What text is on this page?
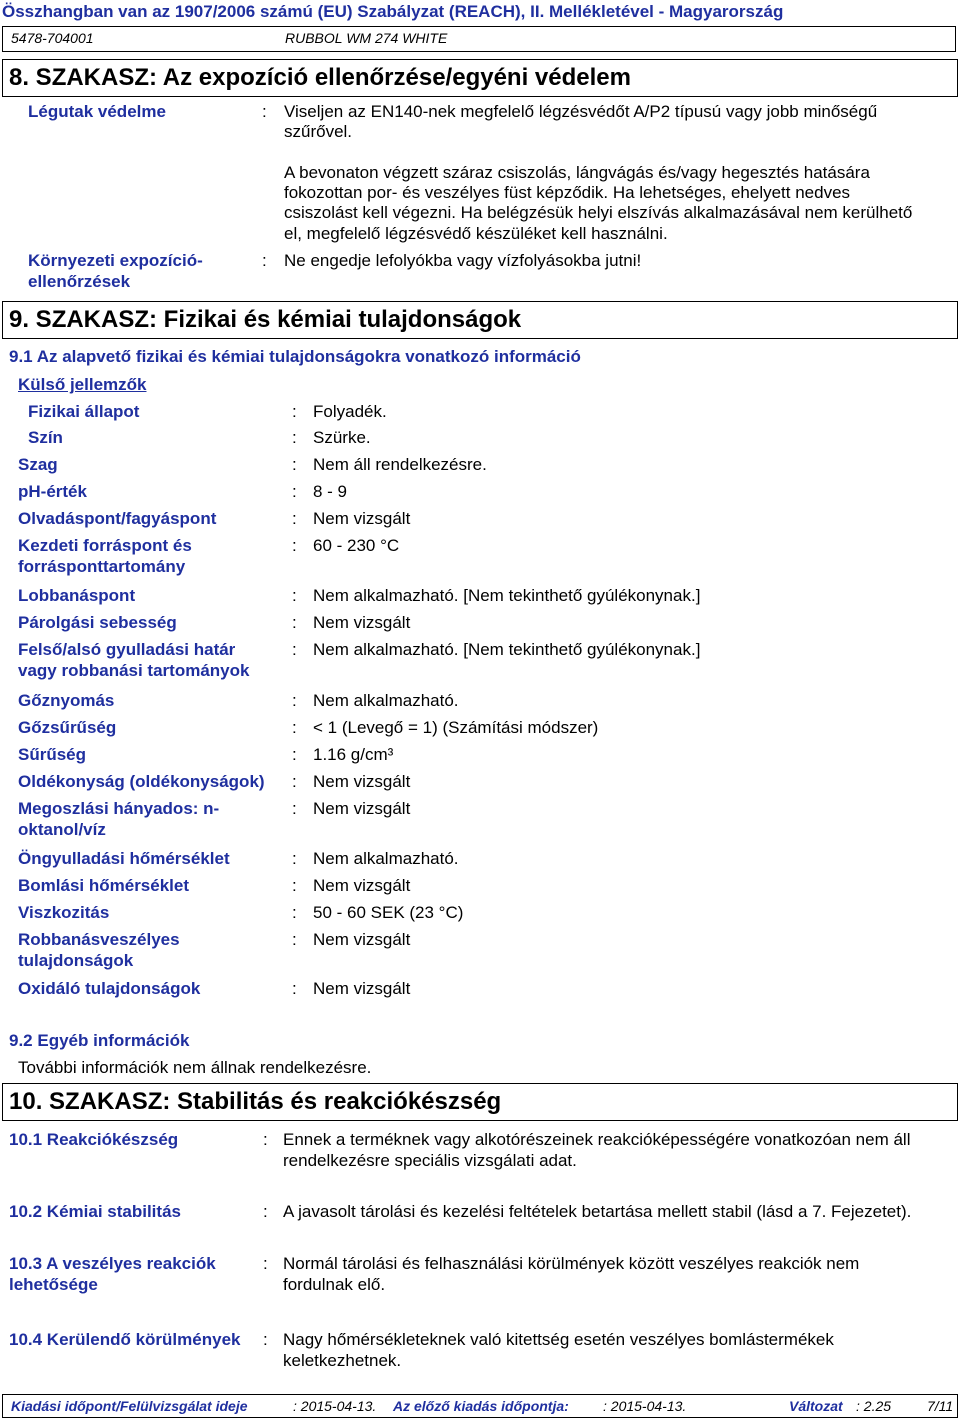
Összhangban van az 1907/2006 számú (EU) Szabályzat (REACH), II. Mellékletével - Magyarország
5478-704001	RUBBOL WM 274 WHITE
8. SZAKASZ: Az expozíció ellenőrzése/egyéni védelem
Légutak védelme	: Viseljen az EN140-nek megfelelő légzésvédőt A/P2 típusú vagy jobb minőségű
szűrővel.
A bevonaton végzett száraz csiszolás, lángvágás és/vagy hegesztés hatására
fokozottan por- és veszélyes füst képződik. Ha lehetséges, ehelyett nedves
csiszolást kell végezni. Ha belégzésük helyi elszívás alkalmazásával nem kerülhető
el, megfelelő légzésvédő készüléket kell használni.
Környezeti expozíció-
ellenőrzések
: Ne engedje lefolyókba vagy vízfolyásokba jutni!
9. SZAKASZ: Fizikai és kémiai tulajdonságok
9.1 Az alapvető fizikai és kémiai tulajdonságokra vonatkozó információ
Külső jellemzők
Fizikai állapot	: Folyadék.
Szín	: Szürke.
Szag	: Nem áll rendelkezésre.
pH-érték	: 8 - 9
Olvadáspont/fagyáspont	: Nem vizsgált
Kezdeti forráspont és
forrásponttartomány
: 60 - 230 °C
Lobbanáspont	: Nem alkalmazható. [Nem tekinthető gyúlékonynak.]
Párolgási sebesség	: Nem vizsgált
Felső/alsó gyulladási határ
vagy robbanási tartományok
: Nem alkalmazható. [Nem tekinthető gyúlékonynak.]
Gőznyomás	: Nem alkalmazható.
Gőzsűrűség	: < 1 (Levegő = 1) (Számítási módszer)
Sűrűség	: 1.16 g/cm³
Oldékonyság (oldékonyságok) : Nem vizsgált
Megoszlási hányados: n-
oktanol/víz
: Nem vizsgált
Öngyulladási hőmérséklet	: Nem alkalmazható.
Bomlási hőmérséklet	: Nem vizsgált
Viszkozitás	: 50 - 60 SEK (23 °C)
Robbanásveszélyes
tulajdonságok
: Nem vizsgált
Oxidáló tulajdonságok	: Nem vizsgált
9.2 Egyéb információk
További információk nem állnak rendelkezésre.
10. SZAKASZ: Stabilitás és reakciókészség
10.1 Reakciókészség	: Ennek a terméknek vagy alkotórészeinek reakcióképességére vonatkozóan nem áll
rendelkezésre speciális vizsgálati adat.
10.2 Kémiai stabilitás	: A javasolt tárolási és kezelési feltételek betartása mellett stabil (lásd a 7. Fejezetet).
10.3 A veszélyes reakciók
lehetősége
: Normál tárolási és felhasználási körülmények között veszélyes reakciók nem
fordulnak elő.
10.4 Kerülendő körülmények : Nagy hőmérsékleteknek való kitettség esetén veszélyes bomlástermékek
keletkezhetnek.
Kiadási időpont/Felülvizsgálat ideje	: 2015-04-13. Az előző kiadás időpontja: : 2015-04-13.	Változat : 2.25	7/11
